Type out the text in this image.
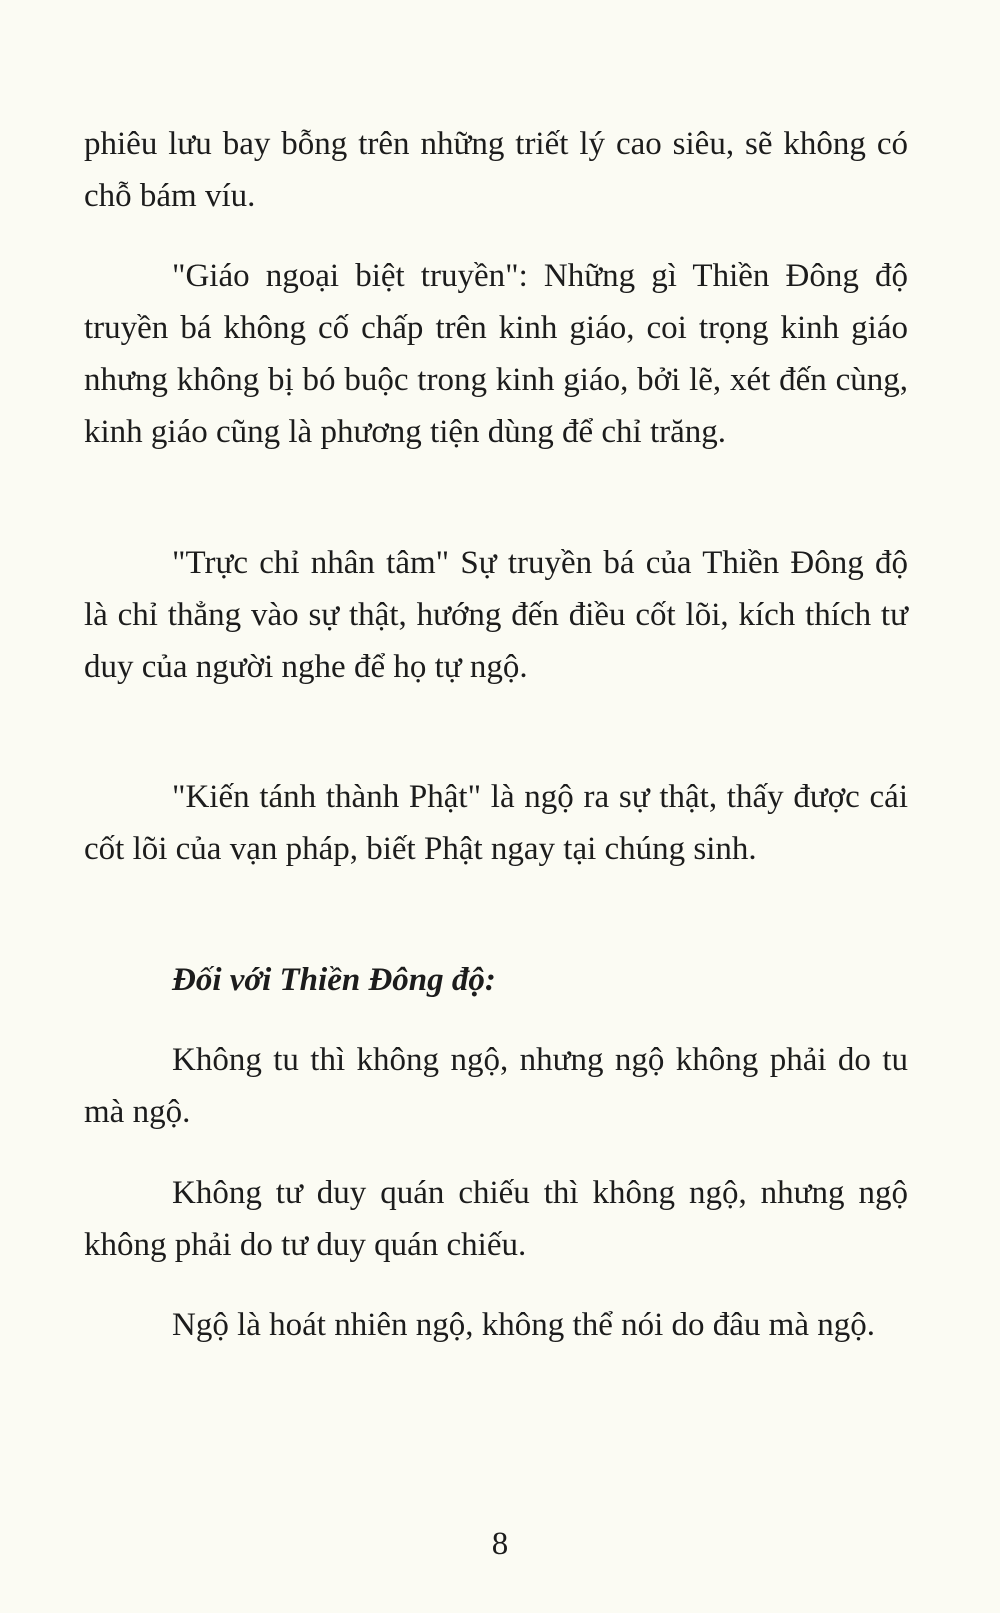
phiêu lưu bay bỗng trên những triết lý cao siêu, sẽ không có chỗ bám víu.

"Giáo ngoại biệt truyền": Những gì Thiền Đông độ truyền bá không cố chấp trên kinh giáo, coi trọng kinh giáo nhưng không bị bó buộc trong kinh giáo, bởi lẽ, xét đến cùng, kinh giáo cũng là phương tiện dùng để chỉ trăng.

"Trực chỉ nhân tâm" Sự truyền bá của Thiền Đông độ là chỉ thẳng vào sự thật, hướng đến điều cốt lõi, kích thích tư duy của người nghe để họ tự ngộ.

"Kiến tánh thành Phật" là ngộ ra sự thật, thấy được cái cốt lõi của vạn pháp, biết Phật ngay tại chúng sinh.

Đối với Thiền Đông độ:

Không tu thì không ngộ, nhưng ngộ không phải do tu mà ngộ.

Không tư duy quán chiếu thì không ngộ, nhưng ngộ không phải do tư duy quán chiếu.

Ngộ là hoát nhiên ngộ, không thể nói do đâu mà ngộ.

8
